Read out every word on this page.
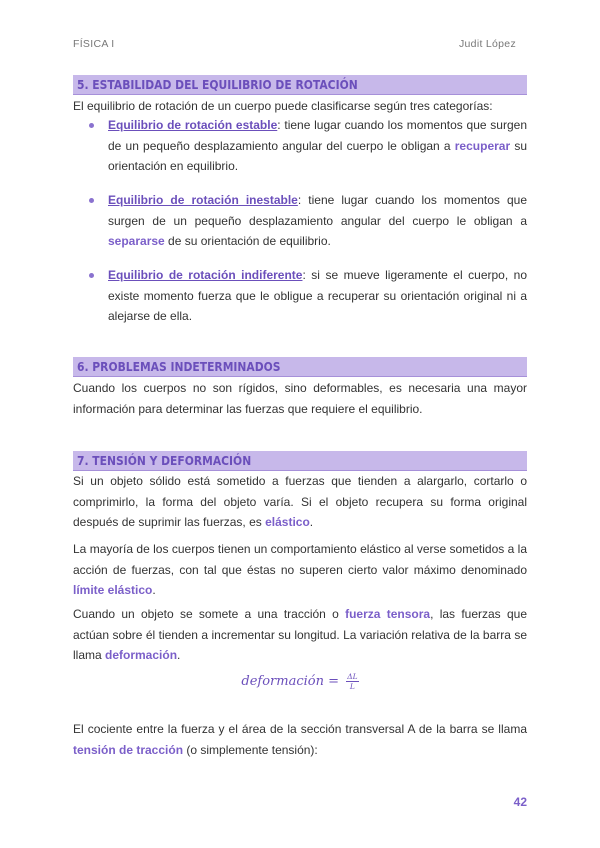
FÍSICA I	Judit López
5. ESTABILIDAD DEL EQUILIBRIO DE ROTACIÓN
El equilibrio de rotación de un cuerpo puede clasificarse según tres categorías:
Equilibrio de rotación estable: tiene lugar cuando los momentos que surgen de un pequeño desplazamiento angular del cuerpo le obligan a recuperar su orientación en equilibrio.
Equilibrio de rotación inestable: tiene lugar cuando los momentos que surgen de un pequeño desplazamiento angular del cuerpo le obligan a separarse de su orientación de equilibrio.
Equilibrio de rotación indiferente: si se mueve ligeramente el cuerpo, no existe momento fuerza que le obligue a recuperar su orientación original ni a alejarse de ella.
6. PROBLEMAS INDETERMINADOS
Cuando los cuerpos no son rígidos, sino deformables, es necesaria una mayor información para determinar las fuerzas que requiere el equilibrio.
7. TENSIÓN Y DEFORMACIÓN
Si un objeto sólido está sometido a fuerzas que tienden a alargarlo, cortarlo o comprimirlo, la forma del objeto varía. Si el objeto recupera su forma original después de suprimir las fuerzas, es elástico.
La mayoría de los cuerpos tienen un comportamiento elástico al verse sometidos a la acción de fuerzas, con tal que éstas no superen cierto valor máximo denominado límite elástico.
Cuando un objeto se somete a una tracción o fuerza tensora, las fuerzas que actúan sobre él tienden a incrementar su longitud. La variación relativa de la barra se llama deformación.
deformación = $\frac{\Delta L}{L}$
El cociente entre la fuerza y el área de la sección transversal A de la barra se llama tensión de tracción (o simplemente tensión):
42
